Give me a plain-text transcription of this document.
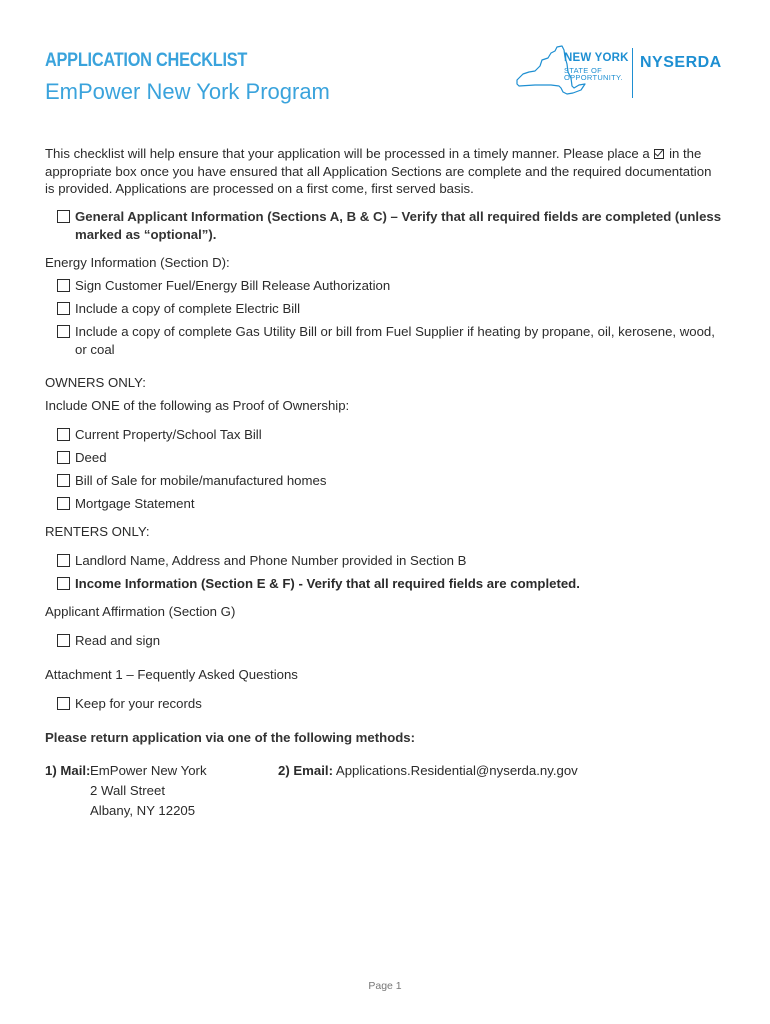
APPLICATION CHECKLIST
EmPower New York Program
NEW YORK
STATE OF
OPPORTUNITY.
NYSERDA
This checklist will help ensure that your application will be processed in a timely manner. Please place a in the appropriate box once you have ensured that all Application Sections are complete and the required documentation is provided. Applications are processed on a first come, first served basis.
General Applicant Information (Sections A, B & C) – Verify that all required fields are completed (unless marked as “optional”).
Energy Information (Section D):
Sign Customer Fuel/Energy Bill Release Authorization
Include a copy of complete Electric Bill
Include a copy of complete Gas Utility Bill or bill from Fuel Supplier if heating by propane, oil, kerosene, wood, or coal
OWNERS ONLY:
Include ONE of the following as Proof of Ownership:
Current Property/School Tax Bill
Deed
Bill of Sale for mobile/manufactured homes
Mortgage Statement
RENTERS ONLY:
Landlord Name, Address and Phone Number provided in Section B
Income Information (Section E & F) - Verify that all required fields are completed.
Applicant Affirmation (Section G)
Read and sign
Attachment 1 – Fequently Asked Questions
Keep for your records
Please return application via one of the following methods:
1) Mail: EmPower New York
2 Wall Street
Albany, NY 12205
2) Email: Applications.Residential@nyserda.ny.gov
Page 1
